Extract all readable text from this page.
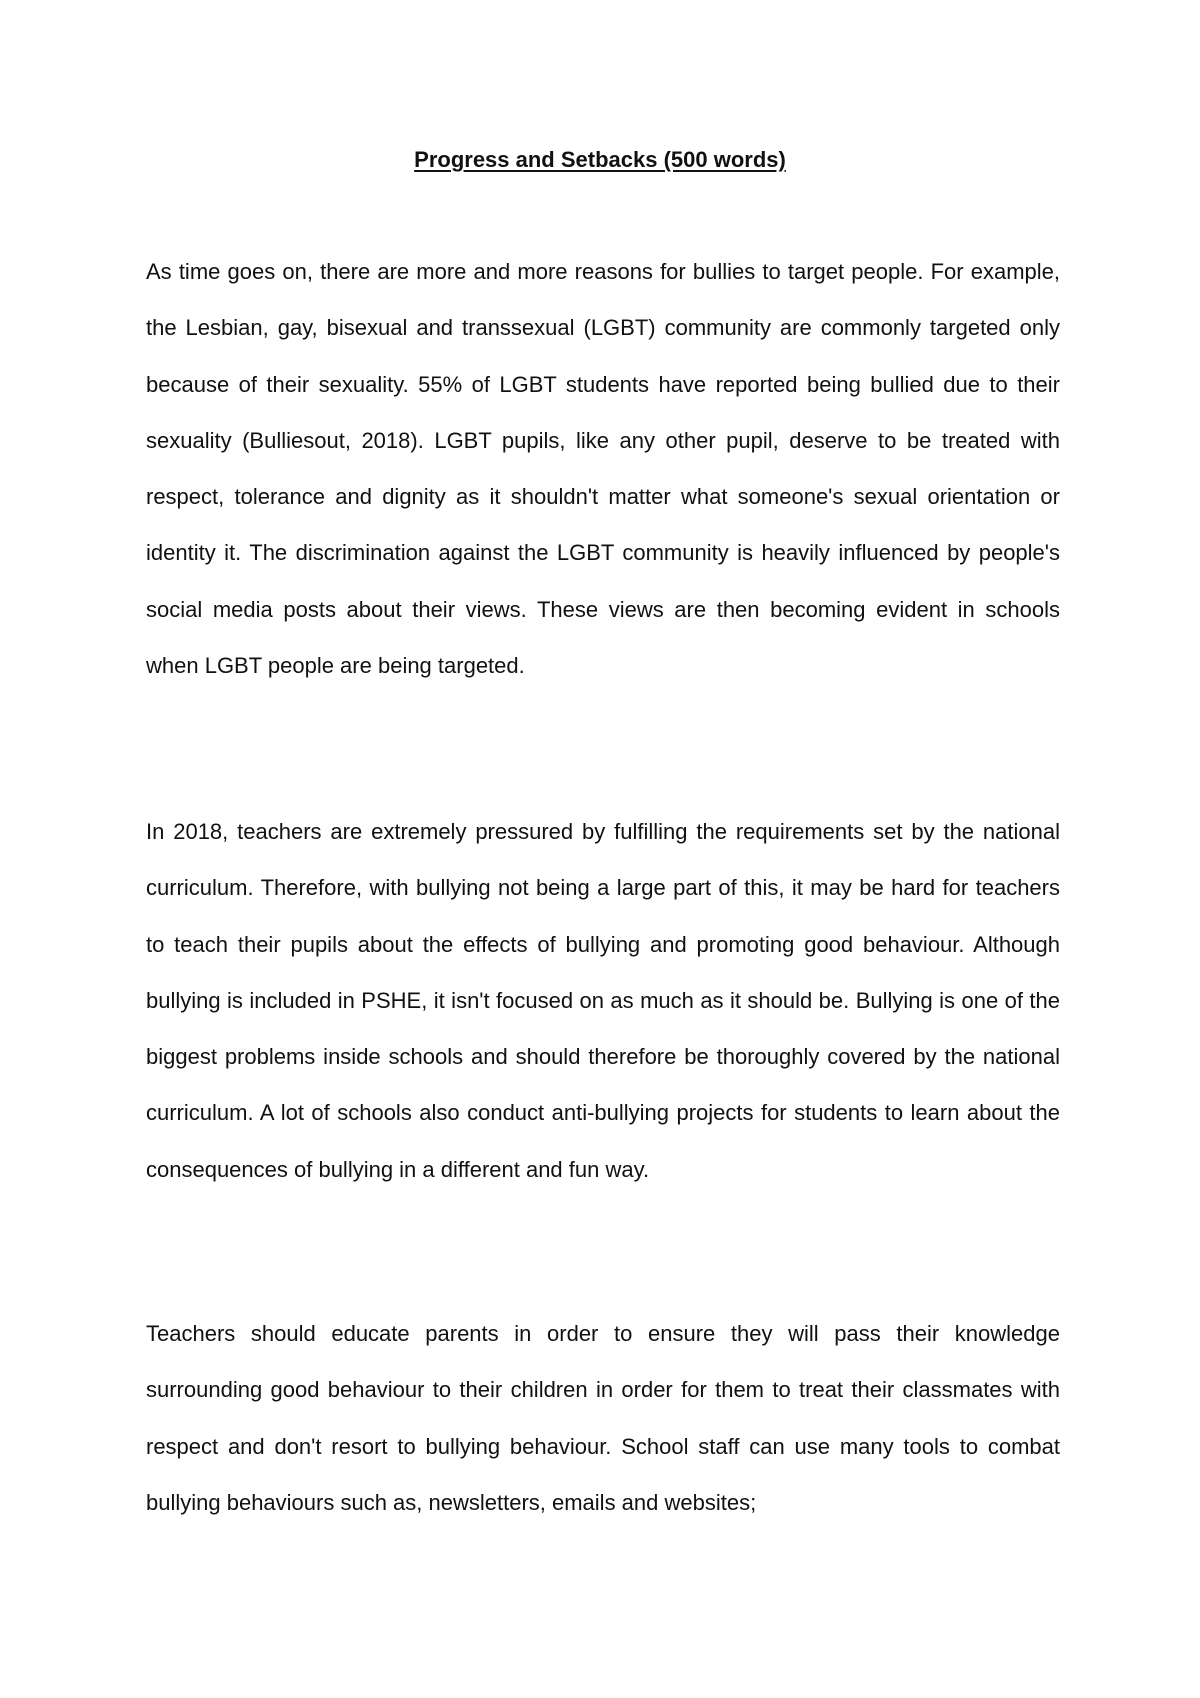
Progress and Setbacks (500 words)

As time goes on, there are more and more reasons for bullies to target people. For example, the Lesbian, gay, bisexual and transsexual (LGBT) community are commonly targeted only because of their sexuality. 55% of LGBT students have reported being bullied due to their sexuality (Bulliesout, 2018). LGBT pupils, like any other pupil, deserve to be treated with respect, tolerance and dignity as it shouldn't matter what someone's sexual orientation or identity it. The discrimination against the LGBT community is heavily influenced by people's social media posts about their views. These views are then becoming evident in schools when LGBT people are being targeted.

In 2018, teachers are extremely pressured by fulfilling the requirements set by the national curriculum. Therefore, with bullying not being a large part of this, it may be hard for teachers to teach their pupils about the effects of bullying and promoting good behaviour. Although bullying is included in PSHE, it isn't focused on as much as it should be. Bullying is one of the biggest problems inside schools and should therefore be thoroughly covered by the national curriculum. A lot of schools also conduct anti-bullying projects for students to learn about the consequences of bullying in a different and fun way.

Teachers should educate parents in order to ensure they will pass their knowledge surrounding good behaviour to their children in order for them to treat their classmates with respect and don't resort to bullying behaviour. School staff can use many tools to combat bullying behaviours such as, newsletters, emails and websites;
